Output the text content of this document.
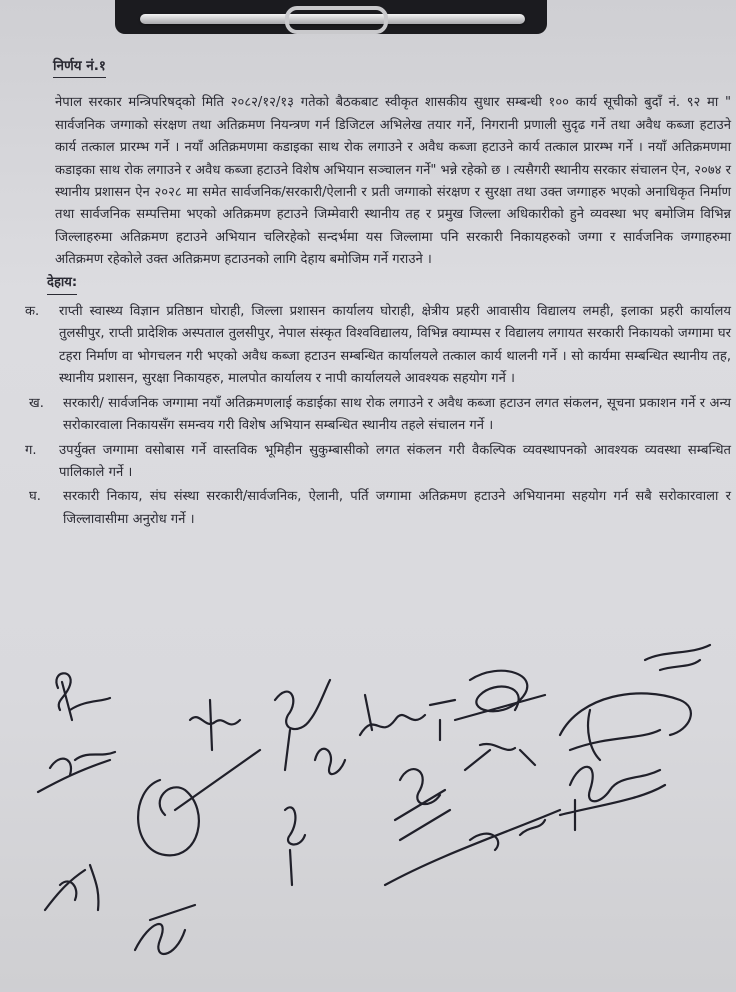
निर्णय नं.१

नेपाल सरकार मन्त्रिपरिषद्को मिति २०८२/१२/१३ गतेको बैठकबाट स्वीकृत शासकीय सुधार सम्बन्धी १०० कार्य सूचीको बुदाँ नं. ९२ मा " सार्वजनिक जग्गाको संरक्षण तथा अतिक्रमण नियन्त्रण गर्न डिजिटल अभिलेख तयार गर्ने, निगरानी प्रणाली सुदृढ गर्ने तथा अवैध कब्जा हटाउने कार्य तत्काल प्रारम्भ गर्ने । नयाँ अतिक्रमणमा कडाइका साथ रोक लगाउने र अवैध कब्जा हटाउने कार्य तत्काल प्रारम्भ गर्ने । नयाँ अतिक्रमणमा कडाइका साथ रोक लगाउने र अवैध कब्जा हटाउने विशेष अभियान सञ्चालन गर्ने" भन्ने रहेको छ । त्यसैगरी स्थानीय सरकार संचालन ऐन, २०७४ र स्थानीय प्रशासन ऐन २०२८ मा समेत सार्वजनिक/सरकारी/ऐलानी र प्रती जग्गाको संरक्षण र सुरक्षा तथा उक्त जग्गाहरु भएको अनाधिकृत निर्माण तथा सार्वजनिक सम्पत्तिमा भएको अतिक्रमण हटाउने जिम्मेवारी स्थानीय तह र प्रमुख जिल्ला अधिकारीको हुने व्यवस्था भए बमोजिम विभिन्न जिल्लाहरुमा अतिक्रमण हटाउने अभियान चलिरहेको सन्दर्भमा यस जिल्लामा पनि सरकारी निकायहरुको जग्गा र सार्वजनिक जग्गाहरुमा अतिक्रमण रहेकोले उक्त अतिक्रमण हटाउनको लागि देहाय बमोजिम गर्ने गराउने ।

देहाय:
क.	राप्ती स्वास्थ्य विज्ञान प्रतिष्ठान घोराही, जिल्ला प्रशासन कार्यालय घोराही, क्षेत्रीय प्रहरी आवासीय विद्यालय लमही, इलाका प्रहरी कार्यालय तुलसीपुर, राप्ती प्रादेशिक अस्पताल तुलसीपुर, नेपाल संस्कृत विश्वविद्यालय, विभिन्न क्याम्पस र विद्यालय लगायत सरकारी निकायको जग्गामा घर टहरा निर्माण वा भोगचलन गरी भएको अवैध कब्जा हटाउन सम्बन्धित कार्यालयले तत्काल कार्य थालनी गर्ने । सो कार्यमा सम्बन्धित स्थानीय तह, स्थानीय प्रशासन, सुरक्षा निकायहरु, मालपोत कार्यालय र नापी कार्यालयले आवश्यक सहयोग गर्ने ।
ख.	सरकारी/ सार्वजनिक जग्गामा नयाँ अतिक्रमणलाई कडाईका साथ रोक लगाउने र अवैध कब्जा हटाउन लगत संकलन, सूचना प्रकाशन गर्ने र अन्य सरोकारवाला निकायसँग समन्वय गरी विशेष अभियान सम्बन्धित स्थानीय तहले संचालन गर्ने ।
ग.	उपर्युक्त जग्गामा वसोबास गर्ने वास्तविक भूमिहीन सुकुम्बासीको लगत संकलन गरी वैकल्पिक व्यवस्थापनको आवश्यक व्यवस्था सम्बन्धित पालिकाले गर्ने ।
घ.	सरकारी निकाय, संघ संस्था सरकारी/सार्वजनिक, ऐलानी, पर्ति जग्गामा अतिक्रमण हटाउने अभियानमा सहयोग गर्न सबै सरोकारवाला र जिल्लावासीमा अनुरोध गर्ने ।
